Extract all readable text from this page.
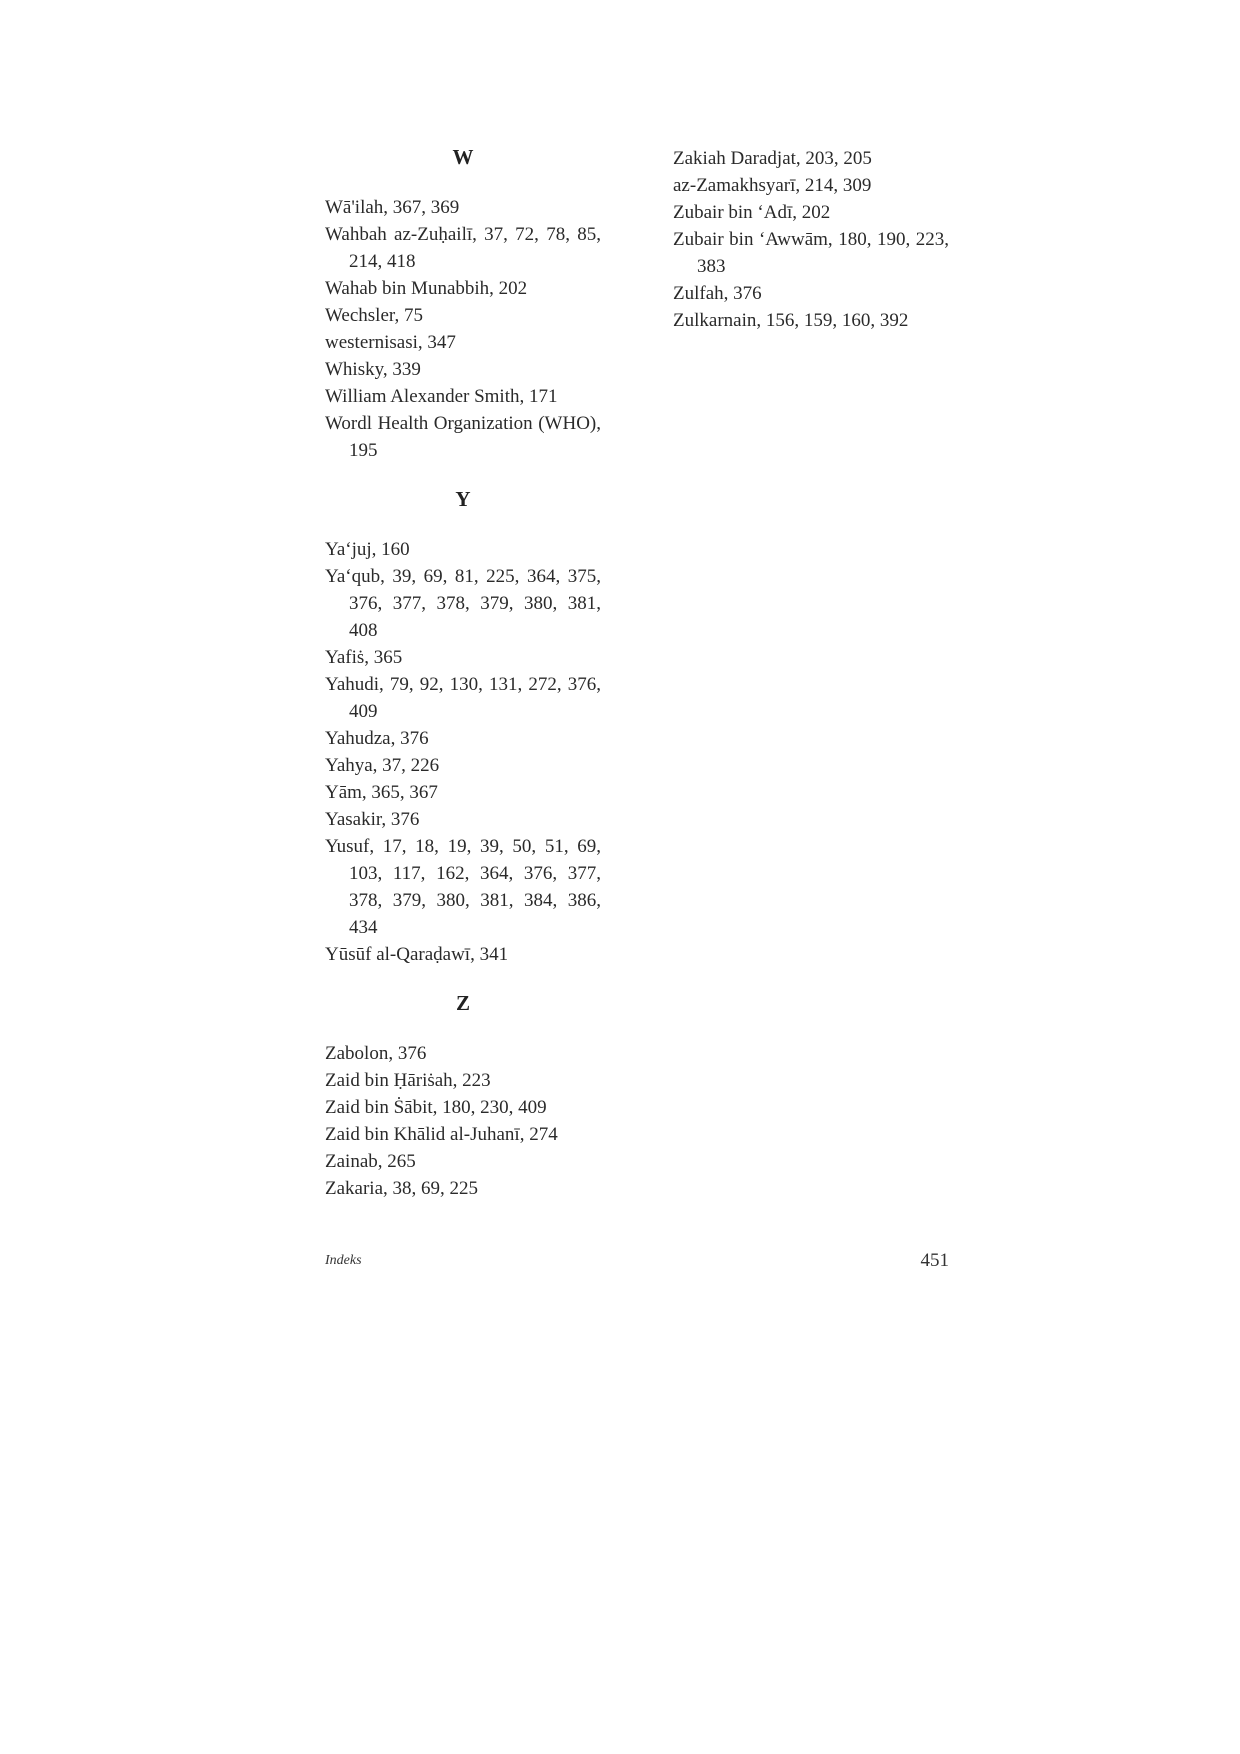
W
Wā'ilah, 367, 369
Wahbah az-Zuḥailī, 37, 72, 78, 85, 214, 418
Wahab bin Munabbih, 202
Wechsler, 75
westernisasi, 347
Whisky, 339
William Alexander Smith, 171
Wordl Health Organization (WHO), 195
Y
Ya‘juj, 160
Ya‘qub, 39, 69, 81, 225, 364, 375, 376, 377, 378, 379, 380, 381, 408
Yafiṡ, 365
Yahudi, 79, 92, 130, 131, 272, 376, 409
Yahudza, 376
Yahya, 37, 226
Yām, 365, 367
Yasakir, 376
Yusuf, 17, 18, 19, 39, 50, 51, 69, 103, 117, 162, 364, 376, 377, 378, 379, 380, 381, 384, 386, 434
Yūsūf al-Qaraḍawī, 341
Z
Zabolon, 376
Zaid bin Ḥāriṡah, 223
Zaid bin Ṡābit, 180, 230, 409
Zaid bin Khālid al-Juhanī, 274
Zainab, 265
Zakaria, 38, 69, 225
Zakiah Daradjat, 203, 205
az-Zamakhsyarī, 214, 309
Zubair bin ‘Adī, 202
Zubair bin ‘Awwām, 180, 190, 223, 383
Zulfah, 376
Zulkarnain, 156, 159, 160, 392
Indeks	451
